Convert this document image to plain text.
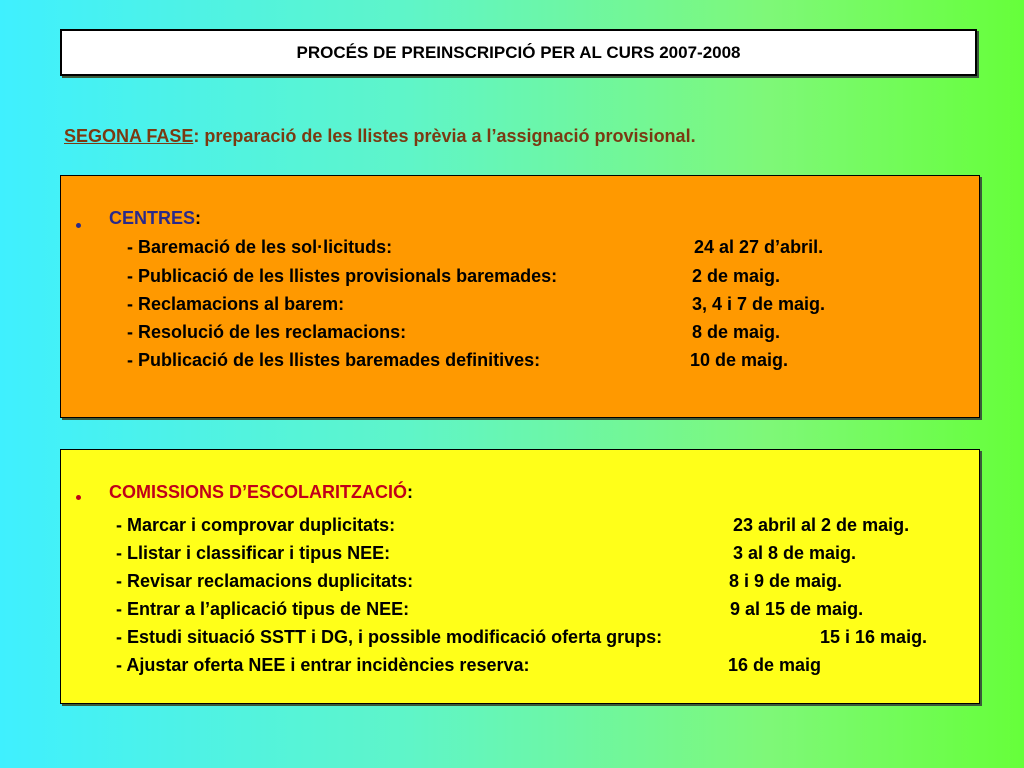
PROCÉS DE PREINSCRIPCIÓ PER AL CURS 2007-2008
SEGONA FASE: preparació de les llistes prèvia a l’assignació provisional.
CENTRES:
- Baremació de les sol·licituds:	24 al 27 d’abril.
- Publicació de les llistes provisionals baremades:	2 de maig.
- Reclamacions al barem:	3, 4 i 7 de maig.
- Resolució de les reclamacions:	8 de maig.
- Publicació de les llistes baremades definitives:	10 de maig.
COMISSIONS D’ESCOLARITZACIÓ:
- Marcar i comprovar duplicitats:	23 abril al 2 de maig.
- Llistar i classificar i tipus NEE:	3 al 8 de maig.
- Revisar reclamacions duplicitats:	8 i 9 de maig.
- Entrar a l’aplicació tipus de NEE:	9 al 15 de maig.
- Estudi situació SSTT i DG, i possible modificació oferta grups:	15 i 16 maig.
- Ajustar oferta NEE i entrar incidències reserva:	16 de maig
